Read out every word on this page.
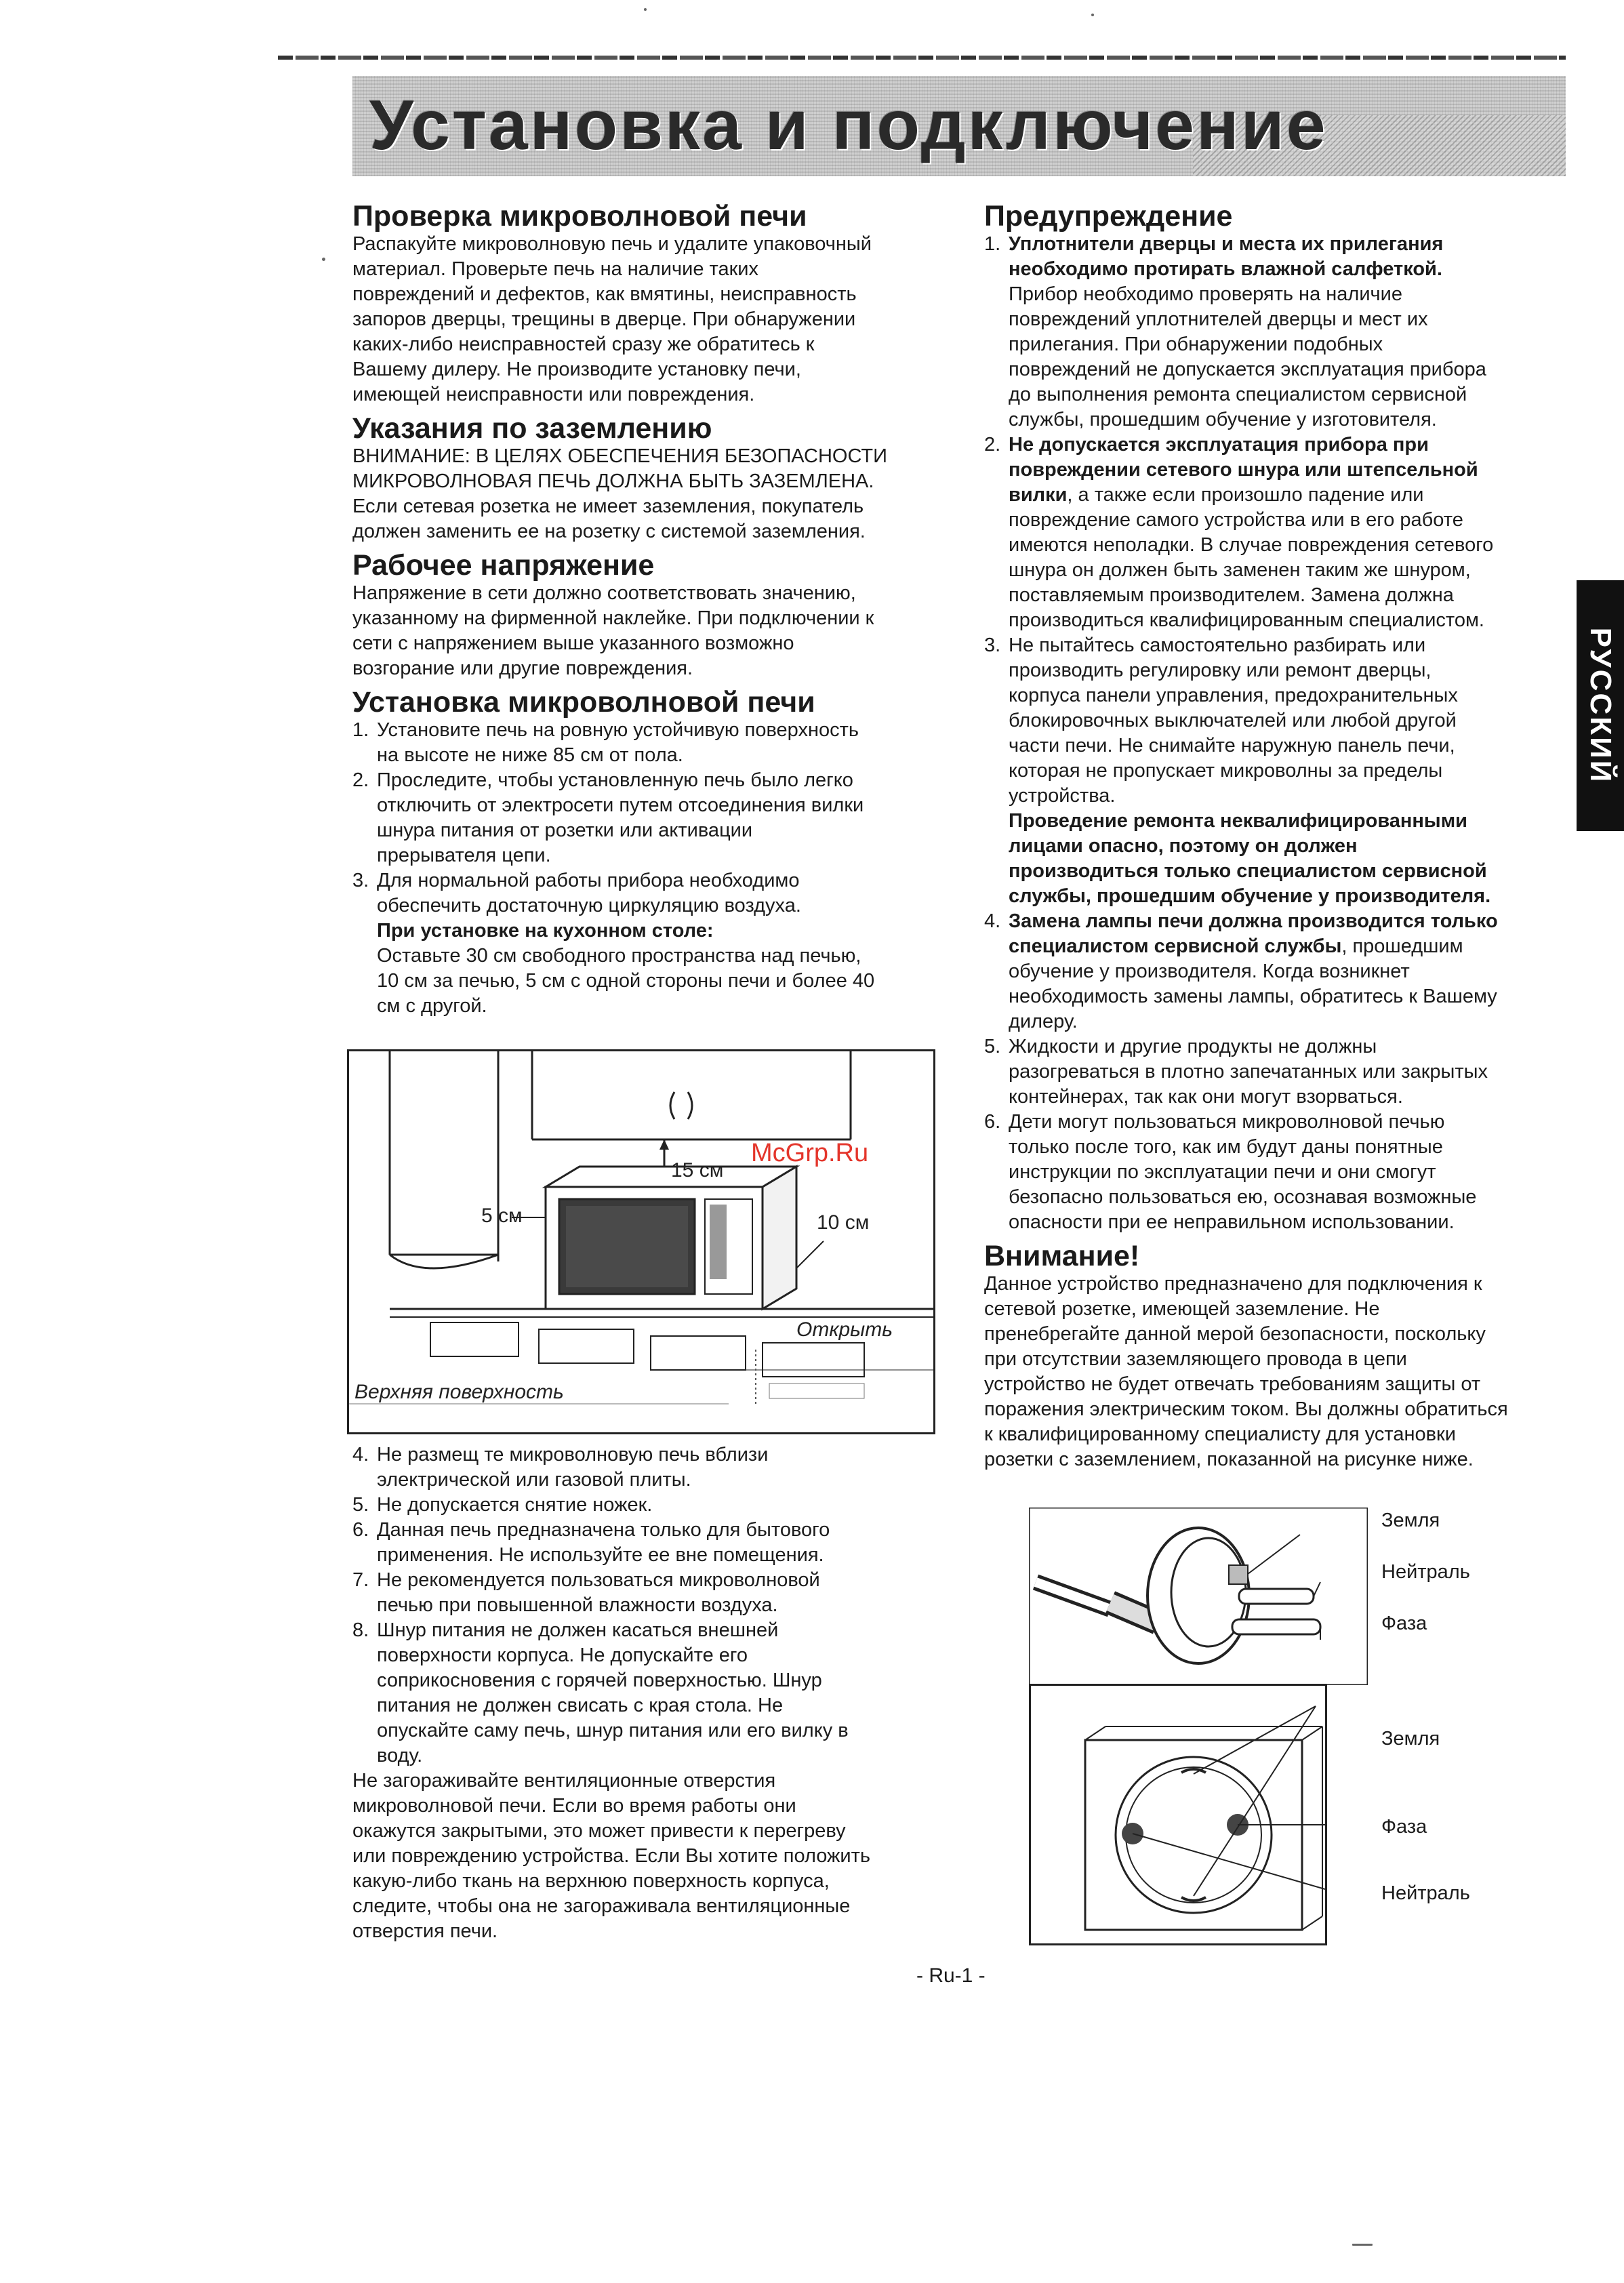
Установка и подключение
Проверка микроволновой печи

Распакуйте микроволновую печь и удалите упаковочный

материал. Проверьте печь на наличие таких

повреждений и дефектов, как вмятины, неисправность

запоров дверцы, трещины в дверце. При обнаружении

каких-либо неисправностей сразу же обратитесь к

Вашему дилеру. Не производите установку печи,

имеющей неисправности или повреждения.

Указания по заземлению

ВНИМАНИЕ: В ЦЕЛЯХ ОБЕСПЕЧЕНИЯ БЕЗОПАСНОСТИ

МИКРОВОЛНОВАЯ ПЕЧЬ ДОЛЖНА БЫТЬ ЗАЗЕМЛЕНА.

Если сетевая розетка не имеет заземления, покупатель

должен заменить ее на розетку с системой заземления.

Рабочее напряжение

Напряжение в сети должно соответствовать значению,

указанному на фирменной наклейке. При подключении к

сети с напряжением выше указанного возможно

возгорание или другие повреждения.

Установка микроволновой печи
1. Установите печь на ровную устойчивую поверхность

на высоте не ниже 85 см от пола.

2. Проследите, чтобы установленную печь было легко

отключить от электросети путем отсоединения вилки

шнура питания от розетки или активации

прерывателя цепи.

3. Для нормальной работы прибора необходимо

обеспечить достаточную циркуляцию воздуха.

При установке на кухонном столе:

Оставьте 30 см свободного пространства над печью,

10 см за печью, 5 см с одной стороны печи и более 40

см с другой.

15 см
5 см	10 см
Открыть
Верхняя поверхность
McGrp.Ru
4. Не размещ те микроволновую печь вблизи

электрической или газовой плиты.

5. Не допускается снятие ножек.

6. Данная печь предназначена только для бытового

применения. Не используйте ее вне помещения.

7. Не рекомендуется пользоваться микроволновой

печью при повышенной влажности воздуха.

8. Шнур питания не должен касаться внешней

поверхности корпуса. Не допускайте его

соприкосновения с горячей поверхностью. Шнур

питания не должен свисать с края стола. Не

опускайте саму печь, шнур питания или его вилку в

воду.

Не загораживайте вентиляционные отверстия

микроволновой печи. Если во время работы они

окажутся закрытыми, это может привести к перегреву

или повреждению устройства. Если Вы хотите положить

какую-либо ткань на верхнюю поверхность корпуса,

следите, чтобы она не загораживала вентиляционные

отверстия печи.

Предупреждение
1. Уплотнители дверцы и места их прилегания

необходимо протирать влажной салфеткой.

Прибор необходимо проверять на наличие

повреждений уплотнителей дверцы и мест их

прилегания. При обнаружении подобных

повреждений не допускается эксплуатация прибора

до выполнения ремонта специалистом сервисной

службы, прошедшим обучение у изготовителя.

2. Не допускается эксплуатация прибора при

повреждении сетевого шнура или штепсельной

вилки, а также если произошло падение или

повреждение самого устройства или в его работе

имеются неполадки. В случае повреждения сетевого

шнура он должен быть заменен таким же шнуром,

поставляемым производителем. Замена должна

производиться квалифицированным специалистом.

3. Не пытайтесь самостоятельно разбирать или

производить регулировку или ремонт дверцы,

корпуса панели управления, предохранительных

блокировочных выключателей или любой другой

части печи. Не снимайте наружную панель печи,

которая не пропускает микроволны за пределы

устройства.

Проведение ремонта неквалифицированными

лицами опасно, поэтому он должен

производиться только специалистом сервисной

службы, прошедшим обучение у производителя.

4. Замена лампы печи должна производится только

специалистом сервисной службы, прошедшим

обучение у производителя. Когда возникнет

необходимость замены лампы, обратитесь к Вашему

дилеру.

5. Жидкости и другие продукты не должны

разогреваться в плотно запечатанных или закрытых

контейнерах, так как они могут взорваться.

6. Дети могут пользоваться микроволновой печью

только после того, как им будут даны понятные

инструкции по эксплуатации печи и они смогут

безопасно пользоваться ею, осознавая возможные

опасности при ее неправильном использовании.

Внимание!

Данное устройство предназначено для подключения к

сетевой розетке, имеющей заземление. Не

пренебрегайте данной мерой безопасности, поскольку

при отсутствии заземляющего провода в цепи

устройство не будет отвечать требованиям защиты от

поражения электрическим током. Вы должны обратиться

к квалифицированному специалисту для установки

розетки с заземлением, показанной на рисунке ниже.

Земля
Нейтраль
Фаза
Земля
Фаза
Нейтраль
РУССКИЙ
- Ru-1 -
